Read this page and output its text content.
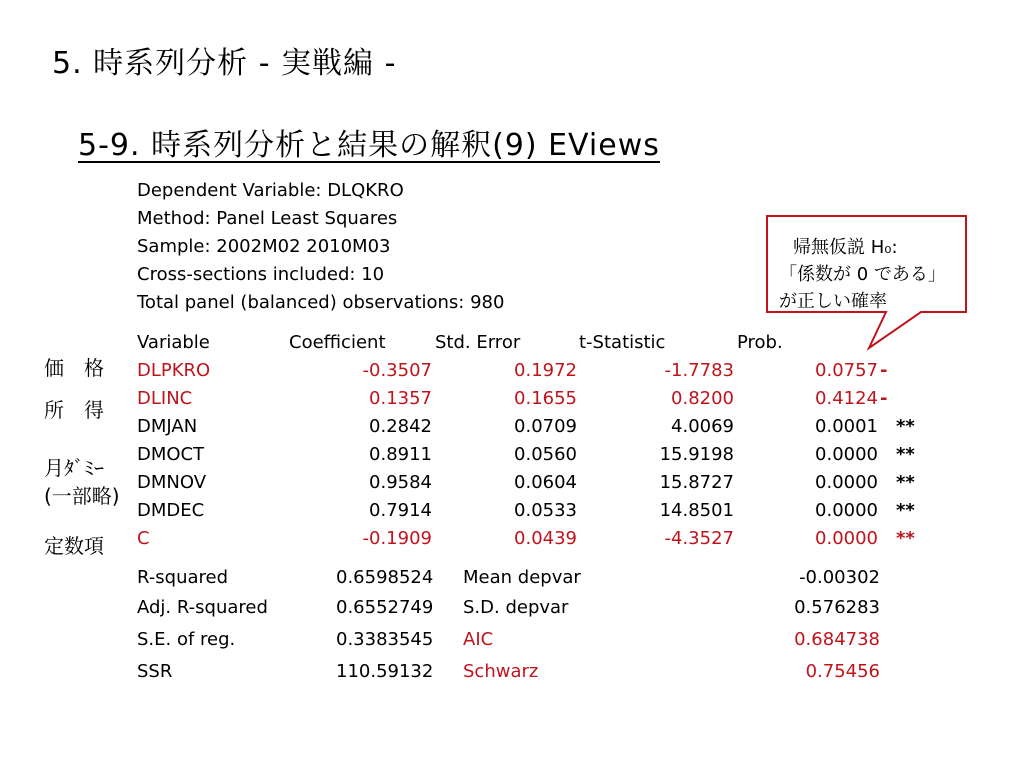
5. 時系列分析 - 実戦編 -
5-9. 時系列分析と結果の解釈(9) EViews
Dependent Variable: DLQKRO
Method: Panel Least Squares
Sample: 2002M02 2010M03
Cross-sections included: 10
Total panel (balanced) observations: 980
Variable	Coefficient	Std. Error	t-Statistic	Prob.
DLPKRO	-0.3507	0.1972	-1.7783	0.0757 -
DLINC	0.1357	0.1655	0.8200	0.4124 -
DMJAN	0.2842	0.0709	4.0069	0.0001 **
DMOCT	0.8911	0.0560	15.9198	0.0000 **
DMNOV	0.9584	0.0604	15.8727	0.0000 **
DMDEC	0.7914	0.0533	14.8501	0.0000 **
C	-0.1909	0.0439	-4.3527	0.0000 **
価　格
所　得
月ﾀﾞﾐｰ
(一部略)
定数項
R-squared	0.6598524 Mean depvar	-0.00302
Adj. R-squared	0.6552749 S.D. depvar	0.576283
S.E. of reg.	0.3383545 AIC	0.684738
SSR	110.59132 Schwarz	0.75456
帰無仮説 H₀:
「係数が 0 である」
が正しい確率
